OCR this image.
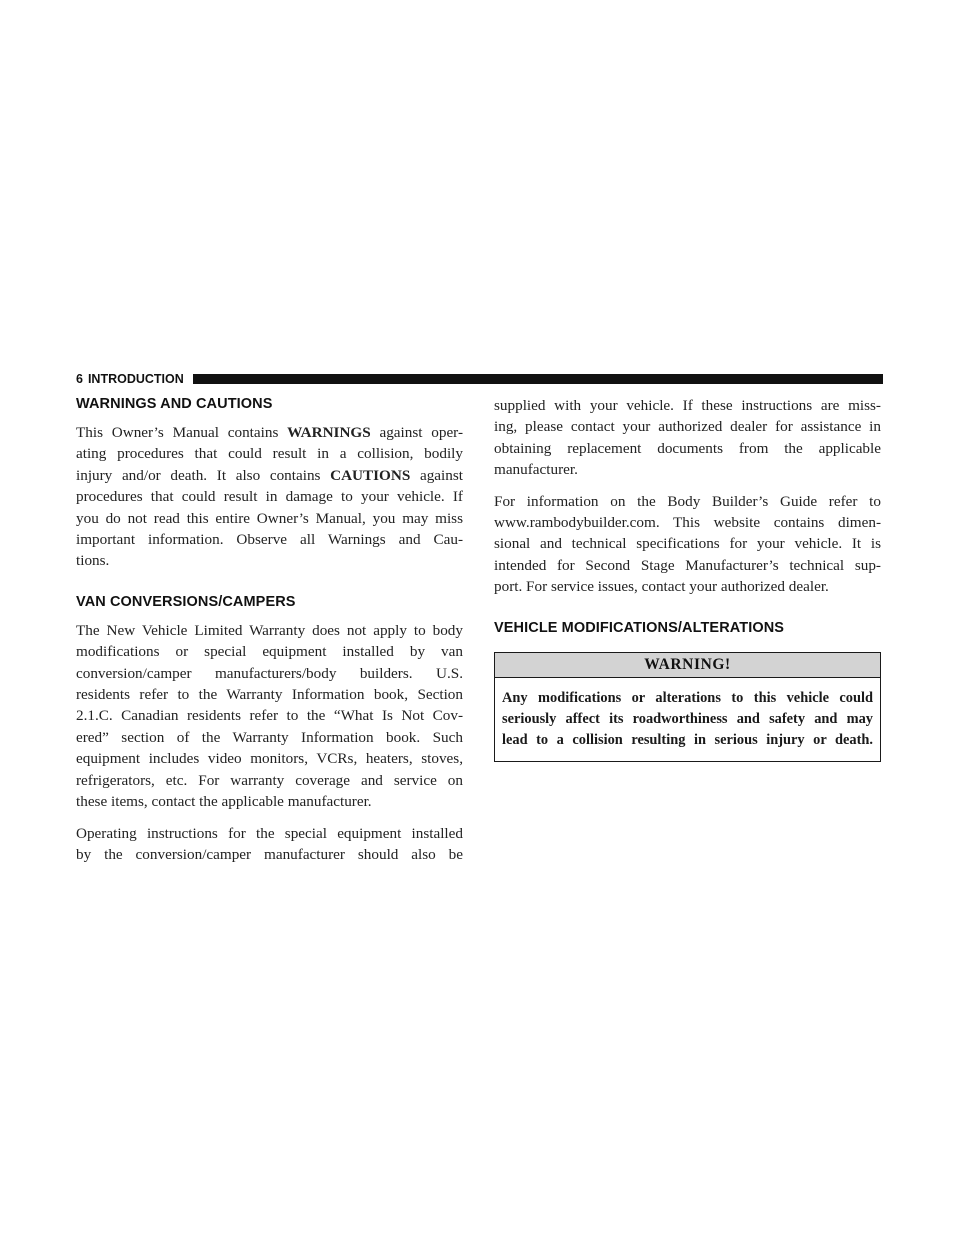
6 INTRODUCTION
WARNINGS AND CAUTIONS

This Owner’s Manual contains WARNINGS against oper-
ating procedures that could result in a collision, bodily
injury and/or death. It also contains CAUTIONS against
procedures that could result in damage to your vehicle. If
you do not read this entire Owner’s Manual, you may miss
important information. Observe all Warnings and Cau-
tions.

VAN CONVERSIONS/CAMPERS

The New Vehicle Limited Warranty does not apply to body
modifications or special equipment installed by van
conversion/camper manufacturers/body builders. U.S.
residents refer to the Warranty Information book, Section
2.1.C. Canadian residents refer to the “What Is Not Cov-
ered” section of the Warranty Information book. Such
equipment includes video monitors, VCRs, heaters, stoves,
refrigerators, etc. For warranty coverage and service on
these items, contact the applicable manufacturer.

Operating instructions for the special equipment installed
by the conversion/camper manufacturer should also be

supplied with your vehicle. If these instructions are miss-
ing, please contact your authorized dealer for assistance in
obtaining replacement documents from the applicable
manufacturer.

For information on the Body Builder’s Guide refer to
www.rambodybuilder.com. This website contains dimen-
sional and technical specifications for your vehicle. It is
intended for Second Stage Manufacturer’s technical sup-
port. For service issues, contact your authorized dealer.

VEHICLE MODIFICATIONS/ALTERATIONS
WARNING!
Any modifications or alterations to this vehicle could
seriously affect its roadworthiness and safety and may
lead to a collision resulting in serious injury or death.
